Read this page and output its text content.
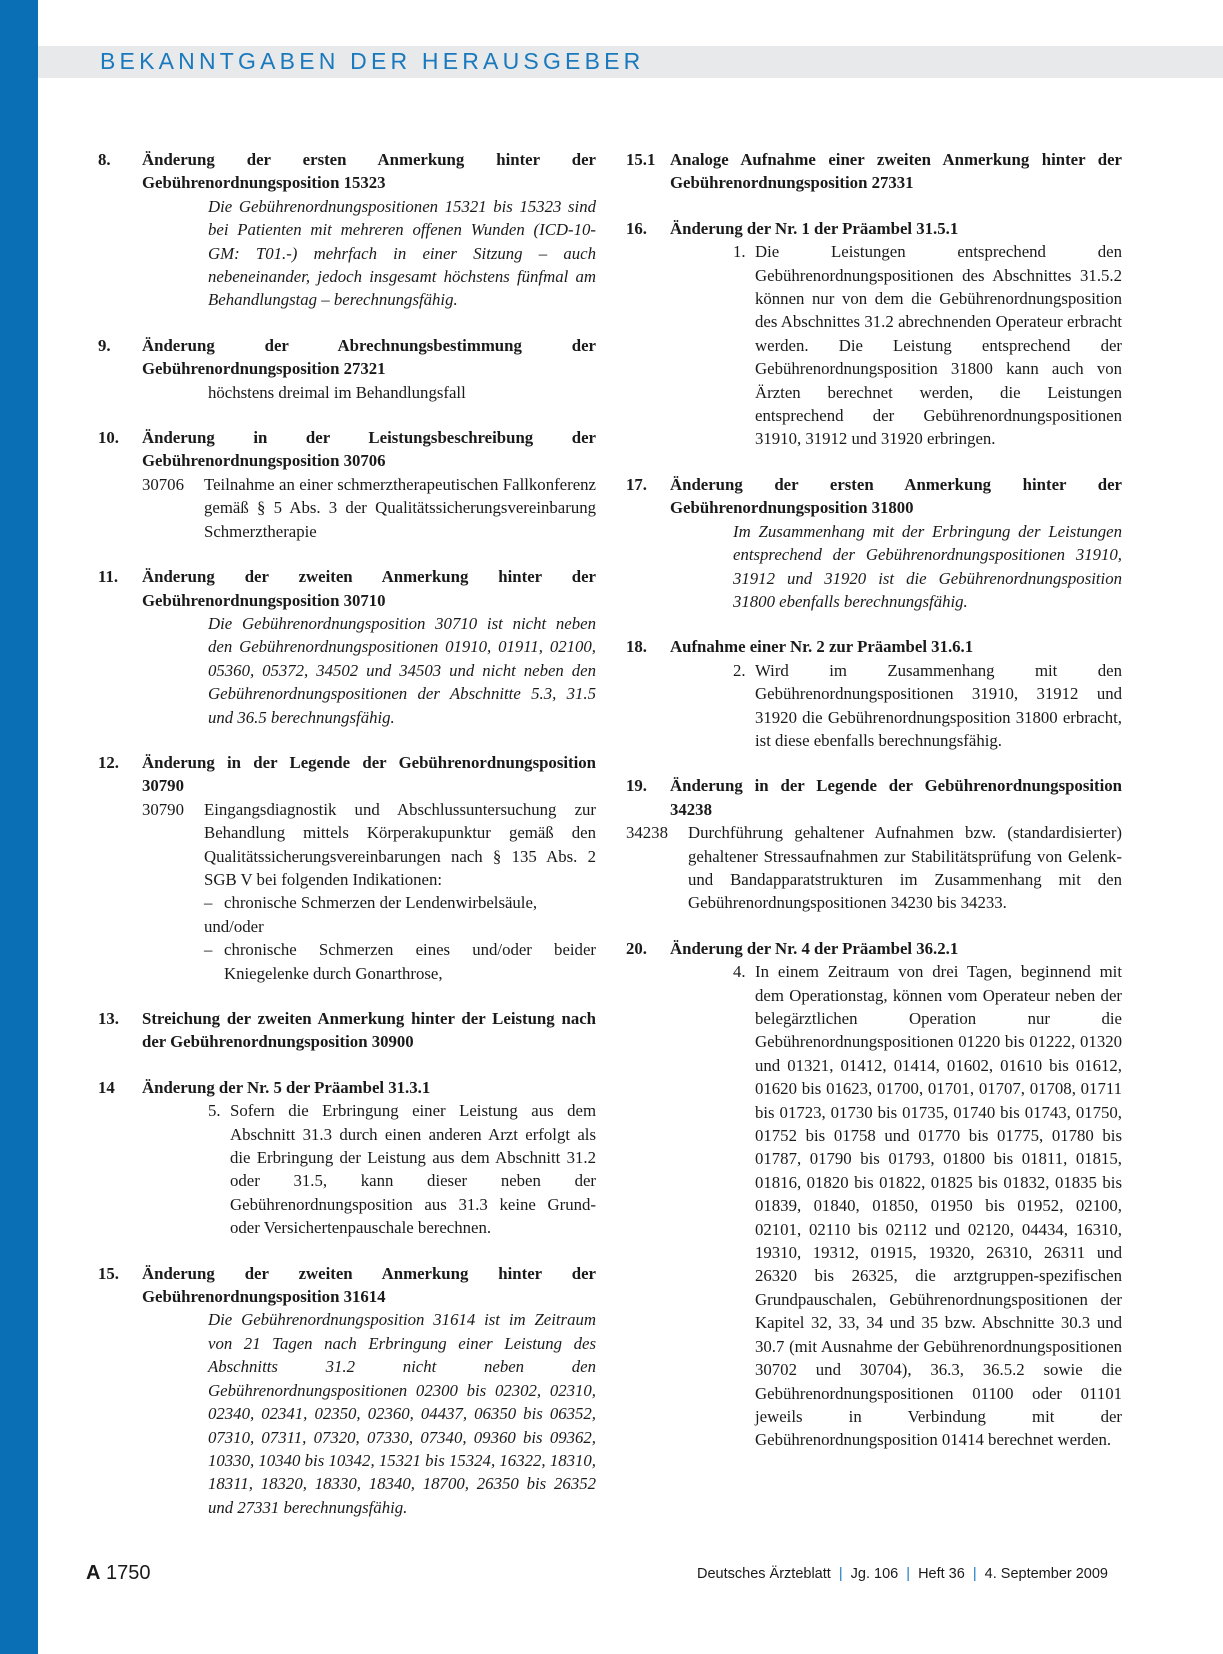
BEKANNTGABEN DER HERAUSGEBER
8.	Änderung der ersten Anmerkung hinter der Gebührenordnungsposition 15323
Die Gebührenordnungspositionen 15321 bis 15323 sind bei Patienten mit mehreren offenen Wunden (ICD-10-GM: T01.-) mehrfach in einer Sitzung – auch nebeneinander, jedoch insgesamt höchstens fünfmal am Behandlungstag – berechnungsfähig.
9.	Änderung der Abrechnungsbestimmung der Gebührenordnungsposition 27321
höchstens dreimal im Behandlungsfall
10.	Änderung in der Leistungsbeschreibung der Gebührenordnungsposition 30706
30706	Teilnahme an einer schmerztherapeutischen Fallkonferenz gemäß § 5 Abs. 3 der Qualitätssicherungsvereinbarung Schmerztherapie
11.	Änderung der zweiten Anmerkung hinter der Gebührenordnungsposition 30710
Die Gebührenordnungsposition 30710 ist nicht neben den Gebührenordnungspositionen 01910, 01911, 02100, 05360, 05372, 34502 und 34503 und nicht neben den Gebührenordnungspositionen der Abschnitte 5.3, 31.5 und 36.5 berechnungsfähig.
12.	Änderung in der Legende der Gebührenordnungsposition 30790
30790	Eingangsdiagnostik und Abschlussuntersuchung zur Behandlung mittels Körperakupunktur gemäß den Qualitätssicherungsvereinbarungen nach § 135 Abs. 2 SGB V bei folgenden Indikationen:
– chronische Schmerzen der Lendenwirbelsäule,
und/oder
– chronische Schmerzen eines und/oder beider Kniegelenke durch Gonarthrose,
13.	Streichung der zweiten Anmerkung hinter der Leistung nach der Gebührenordnungsposition 30900
14	Änderung der Nr. 5 der Präambel 31.3.1
5. Sofern die Erbringung einer Leistung aus dem Abschnitt 31.3 durch einen anderen Arzt erfolgt als die Erbringung der Leistung aus dem Abschnitt 31.2 oder 31.5, kann dieser neben der Gebührenordnungsposition aus 31.3 keine Grund- oder Versichertenpauschale berechnen.
15.	Änderung der zweiten Anmerkung hinter der Gebührenordnungsposition 31614
Die Gebührenordnungsposition 31614 ist im Zeitraum von 21 Tagen nach Erbringung einer Leistung des Abschnitts 31.2 nicht neben den Gebührenordnungspositionen 02300 bis 02302, 02310, 02340, 02341, 02350, 02360, 04437, 06350 bis 06352, 07310, 07311, 07320, 07330, 07340, 09360 bis 09362, 10330, 10340 bis 10342, 15321 bis 15324, 16322, 18310, 18311, 18320, 18330, 18340, 18700, 26350 bis 26352 und 27331 berechnungsfähig.
15.1 Analoge Aufnahme einer zweiten Anmerkung hinter der Gebührenordnungsposition 27331
16.	Änderung der Nr. 1 der Präambel 31.5.1
1. Die Leistungen entsprechend den Gebührenordnungspositionen des Abschnittes 31.5.2 können nur von dem die Gebührenordnungsposition des Abschnittes 31.2 abrechnenden Operateur erbracht werden. Die Leistung entsprechend der Gebührenordnungsposition 31800 kann auch von Ärzten berechnet werden, die Leistungen entsprechend der Gebührenordnungspositionen 31910, 31912 und 31920 erbringen.
17.	Änderung der ersten Anmerkung hinter der Gebührenordnungsposition 31800
Im Zusammenhang mit der Erbringung der Leistungen entsprechend der Gebührenordnungspositionen 31910, 31912 und 31920 ist die Gebührenordnungsposition 31800 ebenfalls berechnungsfähig.
18.	Aufnahme einer Nr. 2 zur Präambel 31.6.1
2. Wird im Zusammenhang mit den Gebührenordnungspositionen 31910, 31912 und 31920 die Gebührenordnungsposition 31800 erbracht, ist diese ebenfalls berechnungsfähig.
19.	Änderung in der Legende der Gebührenordnungsposition 34238
34238	Durchführung gehaltener Aufnahmen bzw. (standardisierter) gehaltener Stressaufnahmen zur Stabilitätsprüfung von Gelenk- und Bandapparatstrukturen im Zusammenhang mit den Gebührenordnungspositionen 34230 bis 34233.
20.	Änderung der Nr. 4 der Präambel 36.2.1
4. In einem Zeitraum von drei Tagen, beginnend mit dem Operationstag, können vom Operateur neben der belegärztlichen Operation nur die Gebührenordnungspositionen 01220 bis 01222, 01320 und 01321, 01412, 01414, 01602, 01610 bis 01612, 01620 bis 01623, 01700, 01701, 01707, 01708, 01711 bis 01723, 01730 bis 01735, 01740 bis 01743, 01750, 01752 bis 01758 und 01770 bis 01775, 01780 bis 01787, 01790 bis 01793, 01800 bis 01811, 01815, 01816, 01820 bis 01822, 01825 bis 01832, 01835 bis 01839, 01840, 01850, 01950 bis 01952, 02100, 02101, 02110 bis 02112 und 02120, 04434, 16310, 19310, 19312, 01915, 19320, 26310, 26311 und 26320 bis 26325, die arztgruppen-spezifischen Grundpauschalen, Gebührenordnungspositionen der Kapitel 32, 33, 34 und 35 bzw. Abschnitte 30.3 und 30.7 (mit Ausnahme der Gebührenordnungspositionen 30702 und 30704), 36.3, 36.5.2 sowie die Gebührenordnungspositionen 01100 oder 01101 jeweils in Verbindung mit der Gebührenordnungsposition 01414 berechnet werden.
A 1750	Deutsches Ärzteblatt | Jg. 106 | Heft 36 | 4. September 2009
